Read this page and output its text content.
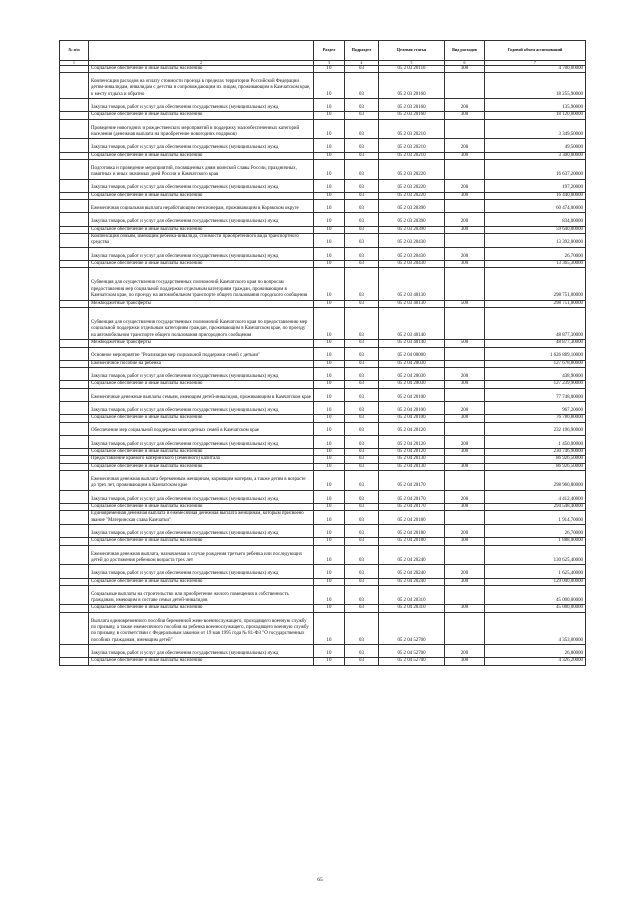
№ п/п		Раздел	Подраздел	Целевая статья	Вид расходов	Годовой объем ассигнований
1	2	3	4	5	6	7
	Социальное обеспечение и иные выплаты населению	10	03	05 2 03 20110	300	4 700,00000
	Компенсация расходов на оплату стоимости проезда в пределах территории Российской Федерации детям-инвалидам, инвалидам с детства и сопровождающим их лицам, проживающим в Камчатском крае, к месту отдыха и обратно	10	03	05 2 03 20160		18 255,90000
	Закупка товаров, работ и услуг для обеспечения государственных (муниципальных) нужд	10	03	05 2 03 20160	200	135,90000
	Социальное обеспечение и иные выплаты населению	10	03	05 2 03 20160	300	18 120,00000
	Проведение новогодних и рождественских мероприятий в поддержку малообеспеченных категорий населения (денежная выплата на приобретение новогодних подарков)	10	03	05 2 03 20210		3 349,50000
	Закупка товаров, работ и услуг для обеспечения государственных (муниципальных) нужд	10	03	05 2 03 20210	200	49,50000
	Социальное обеспечение и иные выплаты населению	10	03	05 2 03 20210	300	3 300,00000
	Подготовка и проведение мероприятий, посвященных дням воинской славы России, праздничных, памятных и иных значимых дней России и Камчатского края	10	03	05 2 03 20220		16 637,20000
	Закупка товаров, работ и услуг для обеспечения государственных (муниципальных) нужд	10	03	05 2 03 20220	200	197,20000
	Социальное обеспечение и иные выплаты населению	10	03	05 2 03 20220	300	16 440,00000
	Ежемесячная социальная выплата неработающим пенсионерам, проживающим в Корякском округе	10	03	05 2 03 20390		60 474,00000
	Закупка товаров, работ и услуг для обеспечения государственных (муниципальных) нужд	10	03	05 2 03 20390	200	834,00000
	Социальное обеспечение и иные выплаты населению	10	03	05 2 03 20390	300	59 640,00000
	Компенсация семьям, имеющим ребенка-инвалида, стоимости приобретенного вида транспортного средства	10	03	05 2 03 20430		13 392,00000
	Закупка товаров, работ и услуг для обеспечения государственных (муниципальных) нужд	10	03	05 2 03 20430	200	26,70000
	Социальное обеспечение и иные выплаты населению	10	03	05 2 03 20430	300	13 365,30000
	Субвенция для осуществления государственных полномочий Камчатского края по вопросам предоставления мер социальной поддержки отдельным категориям граждан, проживающим в Камчатском крае, по проезду на автомобильном транспорте общего пользования городского сообщения	10	03	05 2 03 40130		298 751,00000
	Межбюджетные трансферты	10	03	05 2 03 40130	500	298 751,00000
	Субвенция для осуществления государственных полномочий Камчатского края по предоставлению мер социальной поддержки отдельным категориям граждан, проживающим в Камчатском крае, по проезду на автомобильном транспорте общего пользования пригородного сообщения	10	03	05 2 03 40140		48 877,30000
	Межбюджетные трансферты	10	03	05 2 03 40140	500	48 877,30000
	Основное мероприятие "Реализация мер социальной поддержки семей с детьми"	10	03	05 2 04 00000		1 626 889,10000
	Ежемесячное пособие на ребенка	10	03	05 2 04 20030		127 678,80000
	Закупка товаров, работ и услуг для обеспечения государственных (муниципальных) нужд	10	03	05 2 04 20030	200	438,90000
	Социальное обеспечение и иные выплаты населению	10	03	05 2 04 20030	300	127 239,90000
	Ежемесячные денежные выплаты семьям, имеющим детей-инвалидов, проживающим в Камчатском крае	10	03	05 2 04 20100		77 748,00000
	Закупка товаров, работ и услуг для обеспечения государственных (муниципальных) нужд	10	03	05 2 04 20100	200	967,20000
	Социальное обеспечение и иные выплаты населению	10	03	05 2 04 20100	300	76 780,80000
	Обеспечение мер социальной поддержки многодетных семей в Камчатском крае	10	03	05 2 04 20120		232 196,90000
	Закупка товаров, работ и услуг для обеспечения государственных (муниципальных) нужд	10	03	05 2 04 20120	200	1 450,00000
	Социальное обеспечение и иные выплаты населению	10	03	05 2 04 20120	300	230 746,90000
	Предоставление краевого материнского (семейного) капитала	10	03	05 2 04 20130		86 926,50000
	Социальное обеспечение и иные выплаты населению	10	03	05 2 04 20130	300	86 926,50000
	Ежемесячная денежная выплата беременным женщинам, кормящим матерям, а также детям в возрасте до трех лет, проживающим в Камчатском крае	10	03	05 2 04 20170		298 960,80000
	Закупка товаров, работ и услуг для обеспечения государственных (муниципальных) нужд	10	03	05 2 04 20170	200	4 412,40000
	Социальное обеспечение и иные выплаты населению	10	03	05 2 04 20170	300	294 548,40000
	Единовременная денежная выплата и ежемесячная денежная выплата женщинам, которым присвоено звание "Материнская слава Камчатки"	10	03	05 2 04 20180		1 914,70000
	Закупка товаров, работ и услуг для обеспечения государственных (муниципальных) нужд	10	03	05 2 04 20180	200	26,70000
	Социальное обеспечение и иные выплаты населению	10	03	05 2 04 20180	300	1 888,00000
	Ежемесячная денежная выплата, назначаемая в случае рождения третьего ребенка или последующих детей до достижения ребенком возраста трех лет	10	03	05 2 04 20240		130 625,40000
	Закупка товаров, работ и услуг для обеспечения государственных (муниципальных) нужд	10	03	05 2 04 20240	200	1 625,40000
	Социальное обеспечение и иные выплаты населению	10	03	05 2 04 20240	300	129 000,00000
	Социальные выплаты на строительство или приобретение жилого помещения в собственность гражданам, имеющим в составе семьи детей-инвалидов	10	03	05 2 04 20310		45 000,00000
	Социальное обеспечение и иные выплаты населению	10	03	05 2 04 20310	300	45 000,00000
	Выплата единовременного пособия беременной жене военнослужащего, проходящего военную службу по призыву, а также ежемесячного пособия на ребенка военнослужащего, проходящего военную службу по призыву, в соответствии с Федеральным законом от 19 мая 1995 года № 81-ФЗ "О государственных пособиях гражданам, имеющим детей"	10	03	05 2 04 52700		4 353,00000
	Закупка товаров, работ и услуг для обеспечения государственных (муниципальных) нужд	10	03	05 2 04 52700	200	26,80000
	Социальное обеспечение и иные выплаты населению	10	03	05 2 04 52700	300	4 326,20000
65
